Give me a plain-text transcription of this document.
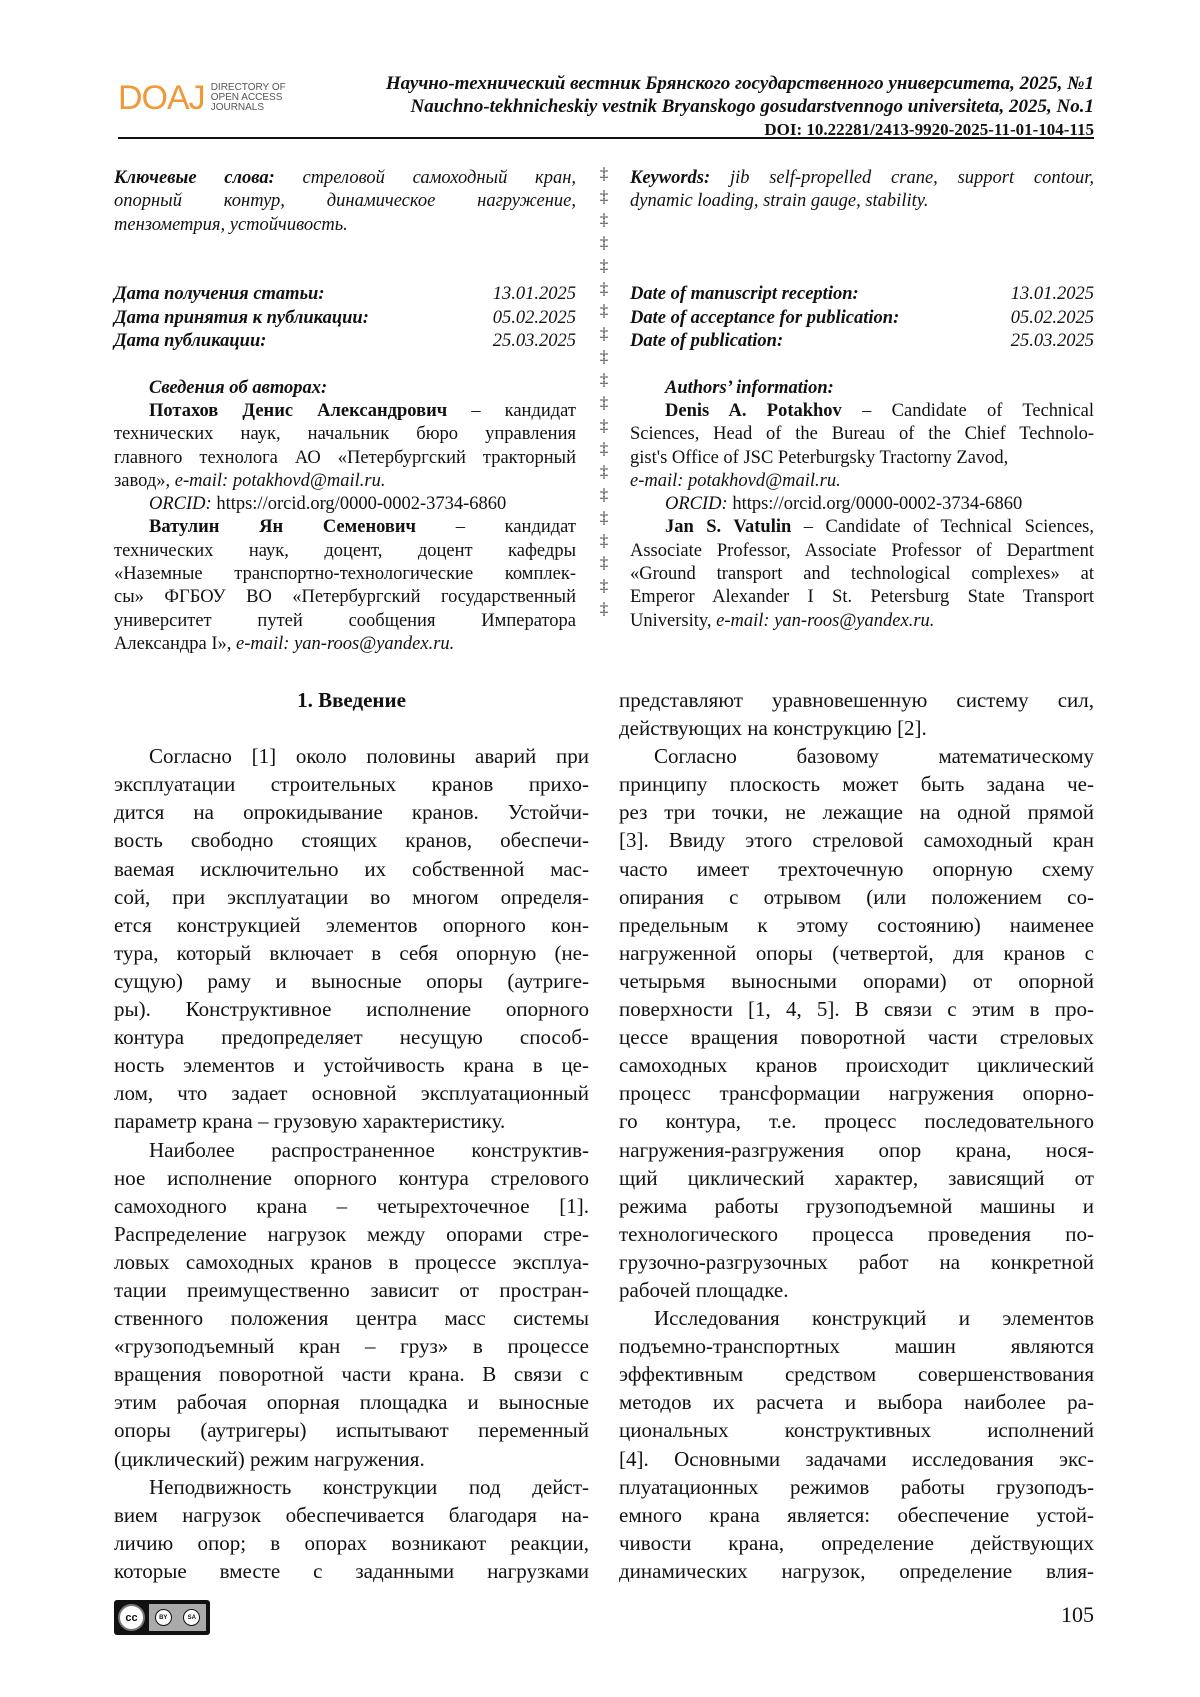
DOAJ DIRECTORY OF
OPEN ACCESS
JOURNALS
Научно-технический вестник Брянского государственного университета, 2025, №1
Nauchno-tekhnicheskiy vestnik Bryanskogo gosudarstvennogo universiteta, 2025, No.1
DOI: 10.22281/2413-9920-2025-11-01-104-115
Ключевые слова: стреловой самоходный кран,
опорный контур, динамическое нагружение,
тензометрия, устойчивость.
Дата получения статьи:	13.01.2025
Дата принятия к публикации:	05.02.2025
Дата публикации:	25.03.2025
Сведения об авторах:
Потахов Денис Александрович – кандидат
технических наук, начальник бюро управления
главного технолога АО «Петербургский тракторный
завод», e-mail: potakhovd@mail.ru.
ORCID: https://orcid.org/0000-0002-3734-6860
Ватулин Ян Семенович – кандидат
технических наук, доцент, доцент кафедры
«Наземные транспортно-технологические комплек-
сы» ФГБОУ ВО «Петербургский государственный
университет путей сообщения Императора
Александра I», e-mail: yan-roos@yandex.ru.
‡
‡
‡
‡
‡
‡
‡
‡
‡
‡
‡
‡
‡
‡
‡
‡
‡
‡
‡
‡
Keywords: jib self-propelled crane, support contour,
dynamic loading, strain gauge, stability.
Date of manuscript reception:	13.01.2025
Date of acceptance for publication:	05.02.2025
Date of publication:	25.03.2025
Authors’ information:
Denis A. Potakhov – Candidate of Technical
Sciences, Head of the Bureau of the Chief Technolo-
gist's Office of JSC Peterburgsky Tractorny Zavod,
e-mail: potakhovd@mail.ru.
ORCID: https://orcid.org/0000-0002-3734-6860
Jan S. Vatulin – Candidate of Technical Sciences,
Associate Professor, Associate Professor of Department
«Ground transport and technological complexes» at
Emperor Alexander I St. Petersburg State Transport
University, e-mail: yan-roos@yandex.ru.
1. Введение
Согласно [1] около половины аварий при
эксплуатации строительных кранов прихо-
дится на опрокидывание кранов. Устойчи-
вость свободно стоящих кранов, обеспечи-
ваемая исключительно их собственной мас-
сой, при эксплуатации во многом определя-
ется конструкцией элементов опорного кон-
тура, который включает в себя опорную (не-
сущую) раму и выносные опоры (аутриге-
ры). Конструктивное исполнение опорного
контура предопределяет несущую способ-
ность элементов и устойчивость крана в це-
лом, что задает основной эксплуатационный
параметр крана – грузовую характеристику.
Наиболее распространенное конструктив-
ное исполнение опорного контура стрелового
самоходного крана – четырехточечное [1].
Распределение нагрузок между опорами стре-
ловых самоходных кранов в процессе эксплуа-
тации преимущественно зависит от простран-
ственного положения центра масс системы
«грузоподъемный кран – груз» в процессе
вращения поворотной части крана. В связи с
этим рабочая опорная площадка и выносные
опоры (аутригеры) испытывают переменный
(циклический) режим нагружения.
Неподвижность конструкции под дейст-
вием нагрузок обеспечивается благодаря на-
личию опор; в опорах возникают реакции,
которые вместе с заданными нагрузками
представляют уравновешенную систему сил,
действующих на конструкцию [2].
Согласно базовому математическому
принципу плоскость может быть задана че-
рез три точки, не лежащие на одной прямой
[3]. Ввиду этого стреловой самоходный кран
часто имеет трехточечную опорную схему
опирания с отрывом (или положением со-
предельным к этому состоянию) наименее
нагруженной опоры (четвертой, для кранов с
четырьмя выносными опорами) от опорной
поверхности [1, 4, 5]. В связи с этим в про-
цессе вращения поворотной части стреловых
самоходных кранов происходит циклический
процесс трансформации нагружения опорно-
го контура, т.е. процесс последовательного
нагружения-разгружения опор крана, нося-
щий циклический характер, зависящий от
режима работы грузоподъемной машины и
технологического процесса проведения по-
грузочно-разгрузочных работ на конкретной
рабочей площадке.
Исследования конструкций и элементов
подъемно-транспортных машин являются
эффективным средством совершенствования
методов их расчета и выбора наиболее ра-
циональных конструктивных исполнений
[4]. Основными задачами исследования экс-
плуатационных режимов работы грузоподъ-
емного крана является: обеспечение устой-
чивости крана, определение действующих
динамических нагрузок, определение влия-
cc	BY	SA	105
